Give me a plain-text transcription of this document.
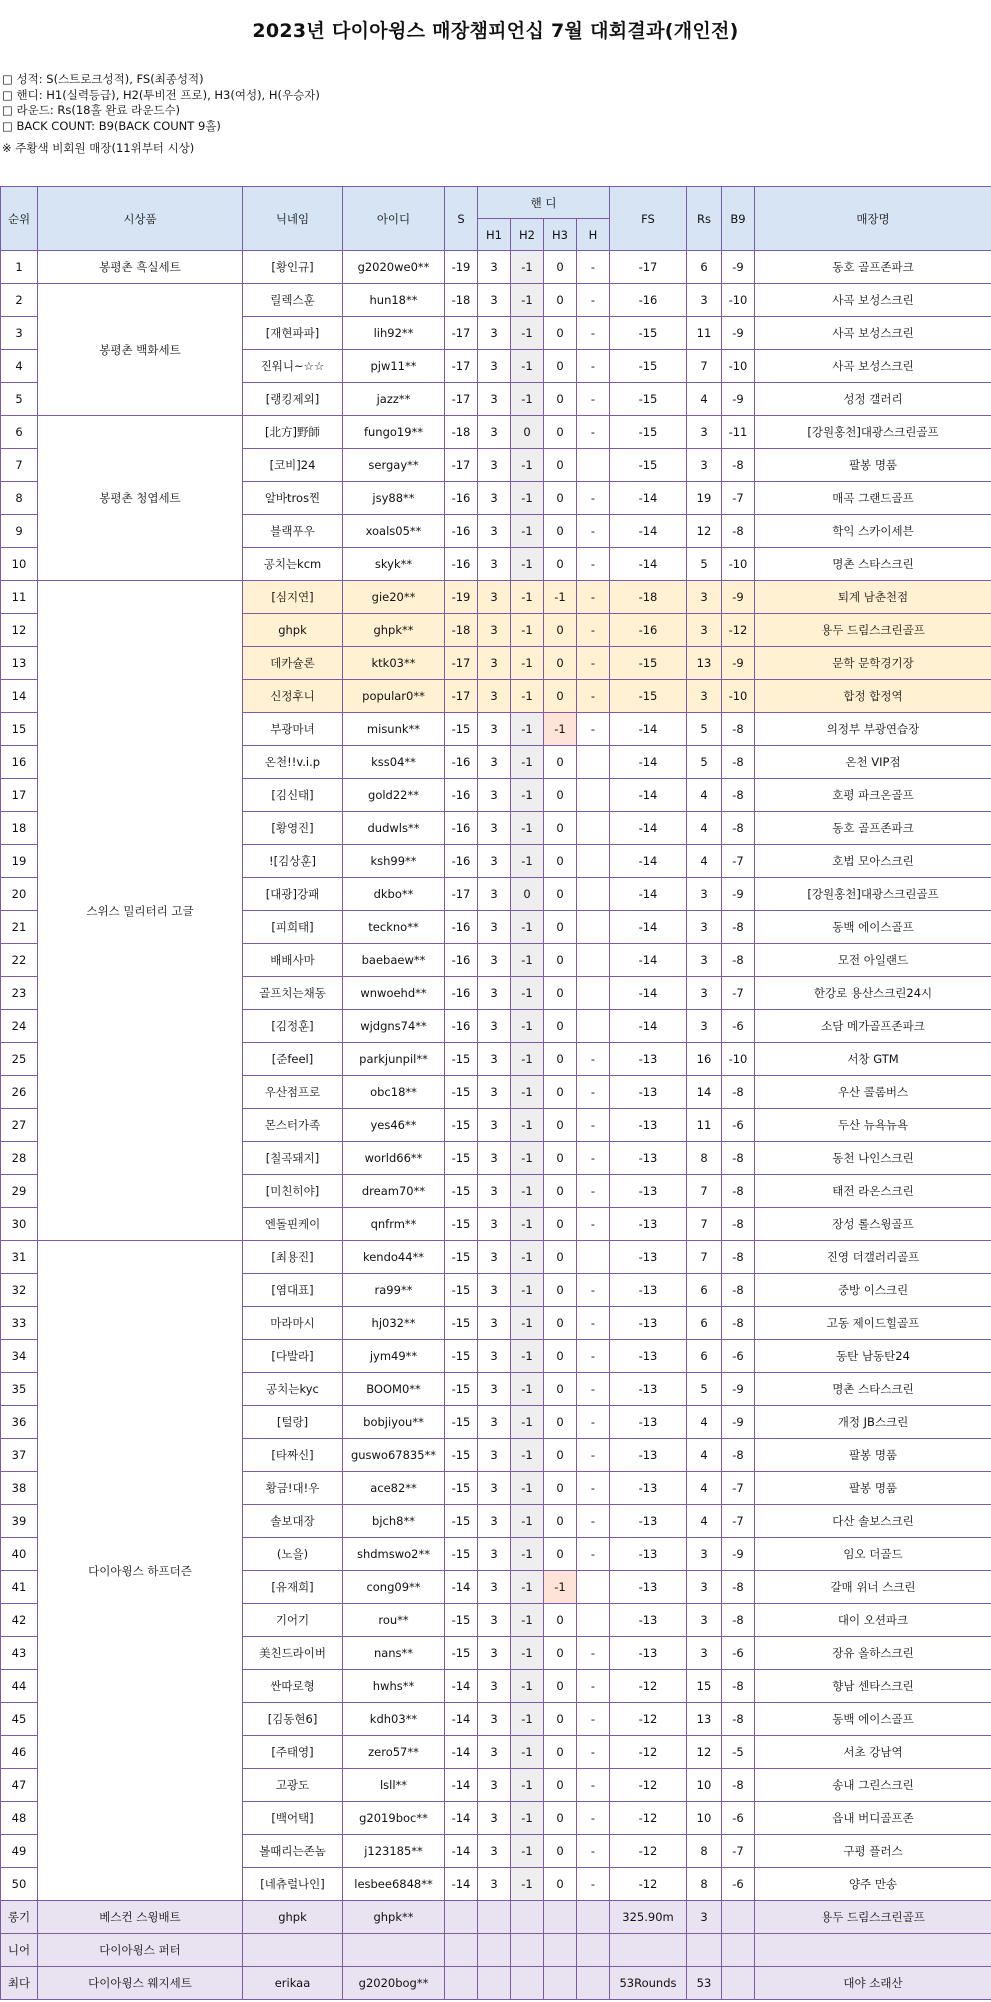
2023년 다이아윙스 매장챔피언십 7월 대회결과(개인전)
□ 성적: S(스트로크성적), FS(최종성적)
□ 핸디: H1(실력등급), H2(투비전 프로), H3(여성), H(우승자)
□ 라운드: Rs(18홀 완료 라운드수)
□ BACK COUNT: B9(BACK COUNT 9홀)
※ 주황색 비회원 매장(11위부터 시상)
순위	시상품	닉네임	아이디	S	핸 디				FS	Rs	B9	매장명
					H1	H2	H3	H				
1	봉평촌 흑실세트	[황인규]	g2020we0**	-19	3	-1	0	-	-17	6	-9	동호 골프존파크
2	봉평촌 백화세트	릴렉스훈	hun18**	-18	3	-1	0	-	-16	3	-10	사곡 보성스크린
3		[재현파파]	lih92**	-17	3	-1	0	-	-15	11	-9	사곡 보성스크린
4		진워니~☆☆	pjw11**	-17	3	-1	0	-	-15	7	-10	사곡 보성스크린
5		[랭킹제외]	jazz**	-17	3	-1	0	-	-15	4	-9	성정 갤러리
6	봉평촌 청엽세트	[北方]野師	fungo19**	-18	3	0	0	-	-15	3	-11	[강원홍천]대광스크린골프
7		[코비]24	sergay**	-17	3	-1	0		-15	3	-8	팔봉 명품
8		알바tros찐	jsy88**	-16	3	-1	0	-	-14	19	-7	매곡 그랜드골프
9		블랙푸우	xoals05**	-16	3	-1	0	-	-14	12	-8	학익 스카이세븐
10		공치는kcm	skyk**	-16	3	-1	0	-	-14	5	-10	명촌 스타스크린
11	스위스 밀리터리 고글	[심지연]	gie20**	-19	3	-1	-1	-	-18	3	-9	퇴계 남춘천점
12		ghpk	ghpk**	-18	3	-1	0	-	-16	3	-12	용두 드림스크린골프
13		데카슐론	ktk03**	-17	3	-1	0	-	-15	13	-9	문학 문학경기장
14		신정후니	popular0**	-17	3	-1	0	-	-15	3	-10	합정 합정역
15		부광마녀	misunk**	-15	3	-1	-1	-	-14	5	-8	의정부 부광연습장
16		온천!!v.i.p	kss04**	-16	3	-1	0		-14	5	-8	온천 VIP점
17		[김신태]	gold22**	-16	3	-1	0		-14	4	-8	호평 파크온골프
18		[황영진]	dudwls**	-16	3	-1	0		-14	4	-8	동호 골프존파크
19		![김상훈]	ksh99**	-16	3	-1	0		-14	4	-7	호법 모아스크린
20		[대광]강패	dkbo**	-17	3	0	0		-14	3	-9	[강원홍천]대광스크린골프
21		[피희태]	tecknо**	-16	3	-1	0		-14	3	-8	동백 에이스골프
22		배배사마	baebaew**	-16	3	-1	0		-14	3	-8	모전 아일랜드
23		골프치는채동	wnwoehd**	-16	3	-1	0		-14	3	-7	한강로 용산스크린24시
24		[김정훈]	wjdgns74**	-16	3	-1	0		-14	3	-6	소담 메가골프존파크
25		[준feel]	parkjunpil**	-15	3	-1	0	-	-13	16	-10	서창 GTM
26		우산점프로	obc18**	-15	3	-1	0	-	-13	14	-8	우산 콜롬버스
27		몬스터가족	yes46**	-15	3	-1	0	-	-13	11	-6	두산 뉴욕뉴욕
28		[칠곡돼지]	world66**	-15	3	-1	0	-	-13	8	-8	동천 나인스크린
29		[미친히야]	dream70**	-15	3	-1	0	-	-13	7	-8	태전 라온스크린
30		엔돌핀케이	qnfrm**	-15	3	-1	0	-	-13	7	-8	장성 롤스윙골프
31	다이아윙스 하프더즌	[최용진]	kendo44**	-15	3	-1	0		-13	7	-8	진영 더갤러리골프
32		[염대표]	ra99**	-15	3	-1	0	-	-13	6	-8	중방 이스크린
33		마라마시	hj032**	-15	3	-1	0	-	-13	6	-8	고동 제이드힐골프
34		[다발라]	jym49**	-15	3	-1	0	-	-13	6	-6	동탄 남동탄24
35		공치는kyc	BOOM0**	-15	3	-1	0	-	-13	5	-9	명촌 스타스크린
36		[털랑]	bobjiyou**	-15	3	-1	0	-	-13	4	-9	개정 JB스크린
37		[타짜신]	guswo67835**	-15	3	-1	0	-	-13	4	-8	팔봉 명품
38		황금!대!우	ace82**	-15	3	-1	0	-	-13	4	-7	팔봉 명품
39		솔보대장	bjch8**	-15	3	-1	0	-	-13	4	-7	다산 솔보스크린
40		(노을)	shdmswo2**	-15	3	-1	0	-	-13	3	-9	임오 더골드
41		[유재희]	cong09**	-14	3	-1	-1		-13	3	-8	갈매 위너 스크린
42		기어기	rou**	-15	3	-1	0		-13	3	-8	대이 오션파크
43		美친드라이버	nans**	-15	3	-1	0	-	-13	3	-6	장유 올하스크린
44		싼따로형	hwhs**	-14	3	-1	0	-	-12	15	-8	향남 센타스크린
45		[김동현6]	kdh03**	-14	3	-1	0	-	-12	13	-8	동백 에이스골프
46		[주태영]	zero57**	-14	3	-1	0	-	-12	12	-5	서초 강남역
47		고광도	lsll**	-14	3	-1	0	-	-12	10	-8	송내 그린스크린
48		[백어택]	g2019boc**	-14	3	-1	0	-	-12	10	-6	읍내 버디골프존
49		볼때리는존놈	j123185**	-14	3	-1	0	-	-12	8	-7	구평 플러스
50		[네츄럴나인]	lesbee6848**	-14	3	-1	0	-	-12	8	-6	양주 만송
롱기	베스컨 스윙배트	ghpk	ghpk**						325.90m	3		용두 드림스크린골프
니어	다이아윙스 퍼터											
최다	다이아윙스 웨지세트	erikaa	g2020bog**						53Rounds	53		대야 소래산
